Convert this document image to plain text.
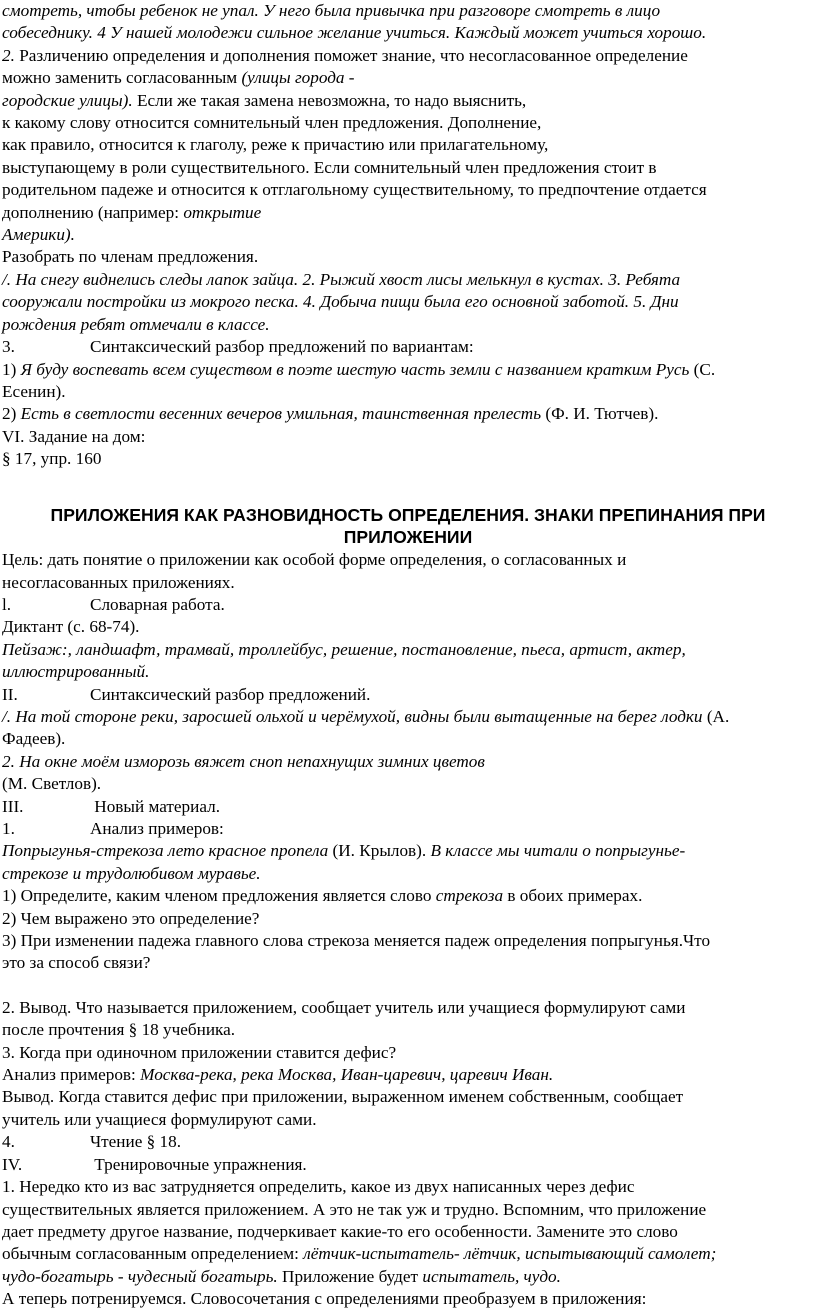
смотреть, чтобы ребенок не упал. У него была привычка при разговоре смотреть в лицо

собеседнику. 4 У нашей молодежи сильное желание учиться. Каждый может учиться хорошо.

2. Различению определения и дополнения поможет знание, что несогласованное определение

можно заменить согласованным (улицы города -

городские улицы). Если же такая замена невозможна, то надо выяснить,

к какому слову относится сомнительный член предложения. Дополнение,

как правило, относится к глаголу, реже к причастию или прилагательному,

выступающему в роли существительного. Если сомнительный член предложения стоит в

родительном падеже и относится к отглагольному существительному, то предпочтение отдается

дополнению (например: открытие

Америки).

Разобрать по членам предложения.

/. На снегу виднелись следы лапок зайца. 2. Рыжий хвост лисы мелькнул в кустах. 3. Ребята

сооружали постройки из мокрого песка. 4. Добыча пищи была его основной заботой. 5. Дни

рождения ребят отмечали в классе.

3.	Синтаксический разбор предложений по вариантам:

1) Я буду воспевать всем существом в поэте шестую часть земли с названием кратким Русь (С.

Есенин).

2) Есть в светлости весенних вечеров умильная, таинственная прелесть (Ф. И. Тютчев).

VI. Задание на дом:

§ 17, упр. 160

ПРИЛОЖЕНИЯ КАК РАЗНОВИДНОСТЬ ОПРЕДЕЛЕНИЯ. ЗНАКИ ПРЕПИНАНИЯ ПРИ

ПРИЛОЖЕНИИ

Цель: дать понятие о приложении как особой форме определения, о согласованных и

несогласованных приложениях.

l.	Словарная работа.

Диктант (с. 68-74).

Пейзаж:, ландшафт, трамвай, троллейбус, решение, постановление, пьеса, артист, актер,

иллюстрированный.

II.	Синтаксический разбор предложений.

/. На той стороне реки, заросшей ольхой и черёмухой, видны были вытащенные на берег лодки (А.

Фадеев).

2. На окне моём изморозь вяжет сноп непахнущих зимних цветов

(М. Светлов).

III.	Новый материал.

1.	Анализ примеров:

Попрыгунья-стрекоза лето красное пропела (И. Крылов). В классе мы читали о попрыгунье-

стрекозе и трудолюбивом муравье.

1) Определите, каким членом предложения является слово стрекоза в обоих примерах.

2) Чем выражено это определение?

3) При изменении падежа главного слова стрекоза меняется падеж определения попрыгунья.Что

это за способ связи?

2. Вывод. Что называется приложением, сообщает учитель или учащиеся формулируют сами

после прочтения § 18 учебника.

3. Когда при одиночном приложении ставится дефис?

Анализ примеров: Москва-река, река Москва, Иван-царевич, царевич Иван.

Вывод. Когда ставится дефис при приложении, выраженном именем собственным, сообщает

учитель или учащиеся формулируют сами.

4.	Чтение § 18.

IV.	Тренировочные упражнения.

1. Нередко кто из вас затрудняется определить, какое из двух написанных через дефис

существительных является приложением. А это не так уж и трудно. Вспомним, что приложение

дает предмету другое название, подчеркивает какие-то его особенности. Замените это слово

обычным согласованным определением: лётчик-испытатель- лётчик, испытывающий самолет;

чудо-богатырь - чудесный богатырь. Приложение будет испытатель, чудо.

А теперь потренируемся. Словосочетания с определениями преобразуем в приложения:
